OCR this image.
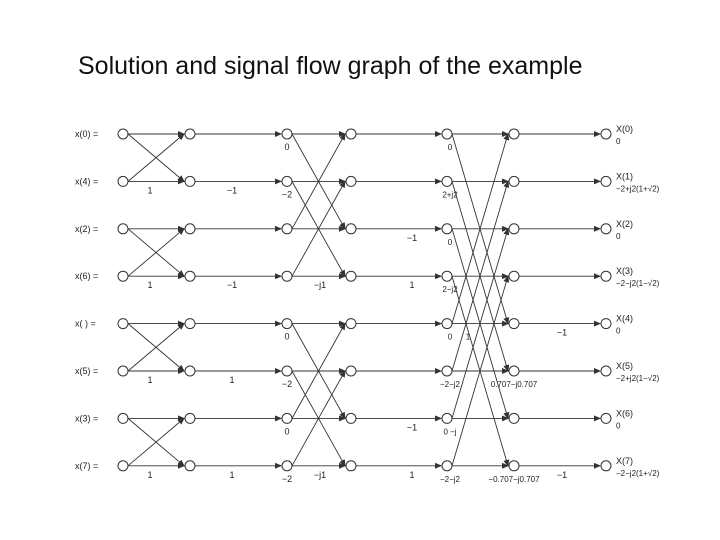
Solution and signal flow graph of the example
x(0) =
x(4) =
x(2) =
x(6) =
x( ) =
x(5) =
x(3) =
x(7) =
X(0)
X(1)
X(2)
X(3)
X(4)
X(5)
X(6)
X(7)
0
−2+j2(1+√2)
0
−2−j2(1−√2)
0
−2+j2(1−√2)
0
−2−j2(1+√2)
1
1
1
1
−1
−1
1
1
0
−2
0
−2
0
−2
−j1
−j1
−1
1
−1
1
0
2+j2
0
2−j2
0
−2−j2
0 −j
−2−j2
1
0.707−j0.707
−0.707−j0.707
−1
−1
